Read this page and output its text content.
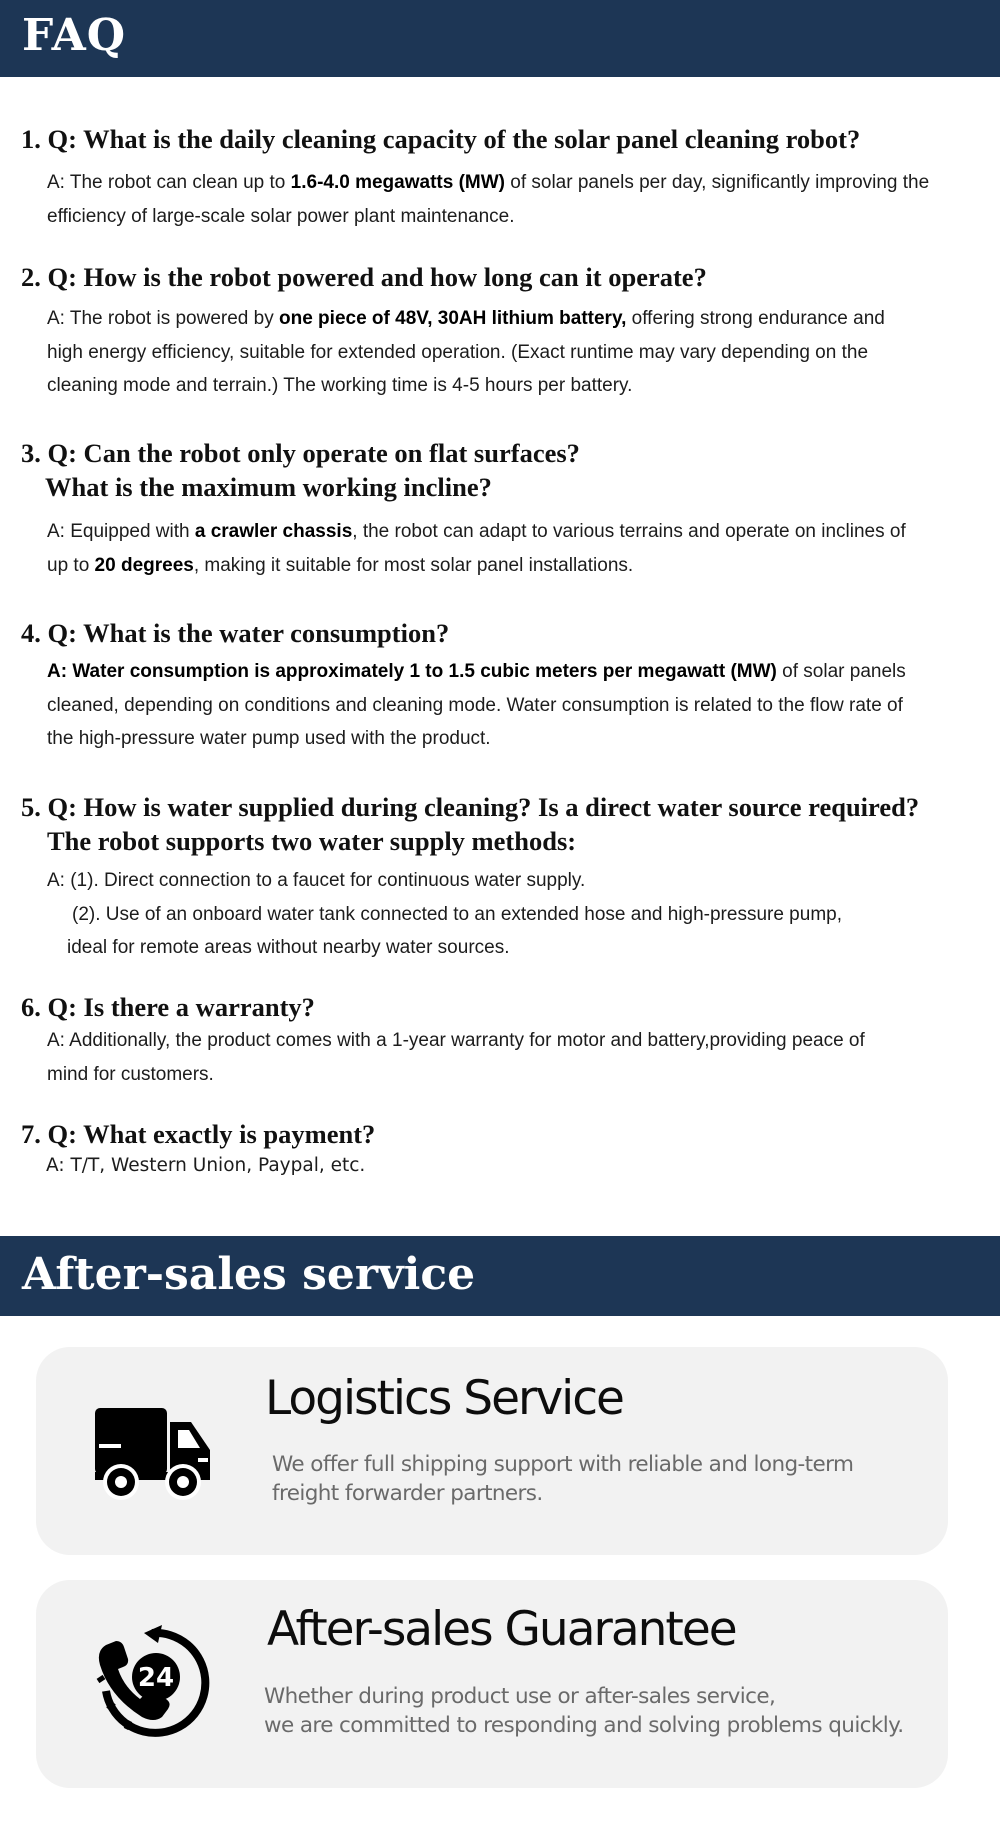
FAQ
1. Q: What is the daily cleaning capacity of the solar panel cleaning robot?
A: The robot can clean up to 1.6-4.0 megawatts (MW) of solar panels per day, significantly improving the
efficiency of large-scale solar power plant maintenance.
2. Q: How is the robot powered and how long can it operate?
A: The robot is powered by one piece of 48V, 30AH lithium battery, offering strong endurance and
high energy efficiency, suitable for extended operation. (Exact runtime may vary depending on the
cleaning mode and terrain.) The working time is 4-5 hours per battery.
3. Q: Can the robot only operate on flat surfaces?
What is the maximum working incline?
A: Equipped with a crawler chassis, the robot can adapt to various terrains and operate on inclines of
up to 20 degrees, making it suitable for most solar panel installations.
4. Q: What is the water consumption?
A: Water consumption is approximately 1 to 1.5 cubic meters per megawatt (MW) of solar panels
cleaned, depending on conditions and cleaning mode. Water consumption is related to the flow rate of
the high-pressure water pump used with the product.
5. Q: How is water supplied during cleaning? Is a direct water source required?
The robot supports two water supply methods:
A: (1). Direct connection to a faucet for continuous water supply.
(2). Use of an onboard water tank connected to an extended hose and high-pressure pump,
ideal for remote areas without nearby water sources.
6. Q: Is there a warranty?
A: Additionally, the product comes with a 1-year warranty for motor and battery,providing peace of
mind for customers.
7. Q: What exactly is payment?
A: T/T, Western Union, Paypal, etc.
After-sales service
Logistics Service
We offer full shipping support with reliable and long-term
freight forwarder partners.
24
After-sales Guarantee
Whether during product use or after-sales service,
we are committed to responding and solving problems quickly.
